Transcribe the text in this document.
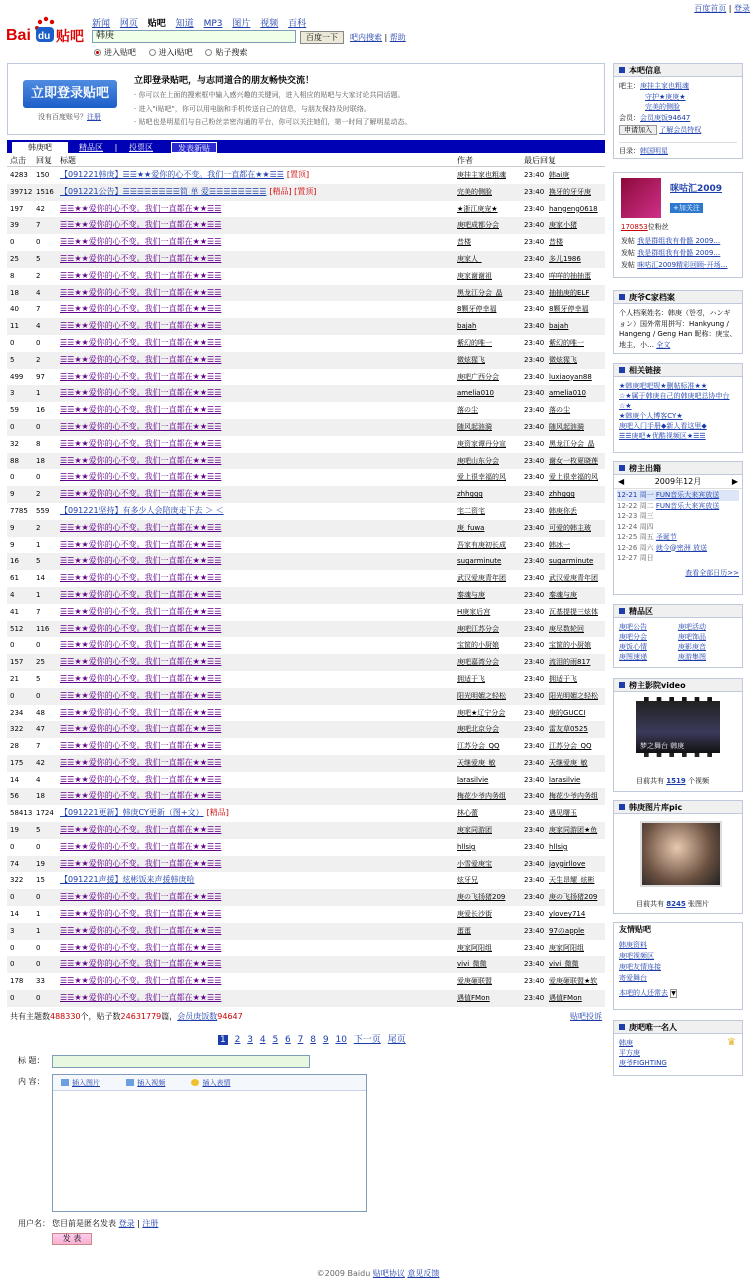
百度首页 | 登录
Bai du 贴吧
新闻 网页 贴吧 知道 MP3 图片 视频 百科
韩庚	百度一下	吧内搜索 | 帮助
进入贴吧	进入i贴吧	贴子搜索
立即登录贴吧
没有百度账号？注册
立即登录贴吧，与志同道合的朋友畅快交流！
· 你可以在上面的搜索框中输入感兴趣的关键词，进入相应的贴吧与大家讨论共同话题。
· 进入"i贴吧"，你可以用电脑和手机传送自己的信息，与朋友保持及时联络。
· 贴吧也是明星们与自己粉丝亲密沟通的平台，你可以关注她们，第一时间了解明星动态。
韩庚吧	精品区	|	投票区	发表新贴
点击	回复	标题	作者	最后回复
4283	150	【091221韩庚】☰☰★★爱你的心不变。我们一直都在★★☰☰ [置顶]	庚挂主家也粗魂	23:40 韩ai庚
39712 1516 【091221公告】☰☰☰☰☰☰☰☰简 单 爱☰☰☰☰☰☰☰☰ [精品] [置顶]	完美的侧脸	23:40 换牙的牙牙庚
197	42	☰☰★★爱你的心不变。我们一直都在★★☰☰	★浙江庚宠★	23:40 hangeng0618
39	7	☰☰★★爱你的心不变。我们一直都在★★☰☰	庚吧成都分会	23:40 庚家小猪
0	0	☰☰★★爱你的心不变。我们一直都在★★☰☰	昔楼	23:40 昔楼
25	5	☰☰★★爱你的心不变。我们一直都在★★☰☰	庚家人_	23:40 多儿1986
8	2	☰☰★★爱你的心不变。我们一直都在★★☰☰	庚家谢谢祖	23:40 咩咩的抽抽蛋
18	4	☰☰★★爱你的心不变。我们一直都在★★☰☰	黑龙江分会_晶	23:40 抽抽庚的ELF
40	7	☰☰★★爱你的心不变。我们一直都在★★☰☰	8颗牙停幸福	23:40 8颗牙停幸福
11	4	☰☰★★爱你的心不变。我们一直都在★★☰☰	bajah	23:40 bajah
0	0	☰☰★★爱你的心不变。我们一直都在★★☰☰	紫幻的唯一	23:40 紫幻的唯一
5	2	☰☰★★爱你的心不变。我们一直都在★★☰☰	微炫猩飞	23:40 微炫猩飞
499	97	☰☰★★爱你的心不变。我们一直都在★★☰☰	庚吧广西分会	23:40 luxiaoyan88
3	1	☰☰★★爱你的心不变。我们一直都在★★☰☰	amelia010	23:40 amelia010
59	16	☰☰★★爱你的心不变。我们一直都在★★☰☰	落の尘	23:40 落の尘
0	0	☰☰★★爱你的心不变。我们一直都在★★☰☰	随风起涟漪	23:40 随风起涟漪
32	8	☰☰★★爱你的心不变。我们一直都在★★☰☰	庚资家谭丹分宣	23:40 黑龙江分会_晶
88	18	☰☰★★爱你的心不变。我们一直都在★★☰☰	庚吧山东分会	23:40 谢女一枚夏晓莲
0	0	☰☰★★爱你的心不变。我们一直都在★★☰☰	爱上很幸福的风	23:40 爱上很幸福的风
9	2	☰☰★★爱你的心不变。我们一直都在★★☰☰	zhhggg	23:40 zhhggg
7785	559	【091221坚持】有多少人会陪庚走下去 ＞ ＜	宅二资宅	23:40 韩庚你丢
9	2	☰☰★★爱你的心不变。我们一直都在★★☰☰	庚_fuwa	23:40 可爱的韩主玻
9	1	☰☰★★爱你的心不变。我们一直都在★★☰☰	吾家有庚初长成	23:40 韩冰一
16	5	☰☰★★爱你的心不变。我们一直都在★★☰☰	sugarminute	23:40 sugarminute
61	14	☰☰★★爱你的心不变。我们一直都在★★☰☰	武汉爱庚青年团	23:40 武汉爱庚青年团
4	1	☰☰★★爱你的心不变。我们一直都在★★☰☰	秦魂与庚	23:40 秦魂与庚
41	7	☰☰★★爱你的心不变。我们一直都在★★☰☰	H庚家后宫	23:40 瓦基提提三炫体
512	116	☰☰★★爱你的心不变。我们一直都在★★☰☰	庚吧江苏分会	23:40 庚尽数轮回
0	0	☰☰★★爱你的心不变。我们一直都在★★☰☰	宝筐的小厨娘	23:40 宝筐的小厨娘
157	25	☰☰★★爱你的心不变。我们一直都在★★☰☰	庚吧嘉湾分会	23:40 流泪的雨817
21	5	☰☰★★爱你的心不变。我们一直都在★★☰☰	拥适于飞	23:40 拥适于飞
0	0	☰☰★★爱你的心不变。我们一直都在★★☰☰	阳光明媚之轻松	23:40 阳光明媚之轻松
234	48	☰☰★★爱你的心不变。我们一直都在★★☰☰	庚吧★辽宁分会	23:40 庚的GUCCI
322	47	☰☰★★爱你的心不变。我们一直都在★★☰☰	庚吧北京分会	23:40 雷友草0525
28	7	☰☰★★爱你的心不变。我们一直都在★★☰☰	江苏分会_QQ	23:40 江苏分会_QQ
175	42	☰☰★★爱你的心不变。我们一直都在★★☰☰	天继爱庚_敏	23:40 天继爱庚_敏
14	4	☰☰★★爱你的心不变。我们一直都在★★☰☰	larasilvie	23:40 larasilvie
56	18	☰☰★★爱你的心不变。我们一直都在★★☰☰	梅花少爷内务组	23:40 梅花少爷内务组
58413 1724 【091221更新】韩庚CY更新（图+文） [精品]	林心蕾	23:40 遇见曙玉
19	5	☰☰★★爱你的心不变。我们一直都在★★☰☰	庚家同游团	23:40 庚家同游团★鱼
0	0	☰☰★★爱你的心不变。我们一直都在★★☰☰	hllsig	23:40 hllsig
74	19	☰☰★★爱你的心不变。我们一直都在★★☰☰	小雪爱庚宝	23:40 jaygirllove
322	15	【091221声援】炫彬饭来声援韩庚哈	炫牙兄	23:40 天生昂耀_炫彬
0	0	☰☰★★爱你的心不变。我们一直都在★★☰☰	庚の飞扬猪209	23:40 庚の飞扬猪209
14	1	☰☰★★爱你的心不变。我们一直都在★★☰☰	庚爱长沙街	23:40 ylovey714
3	1	☰☰★★爱你的心不变。我们一直都在★★☰☰	蛋蛋	23:40 97のapple
0	0	☰☰★★爱你的心不变。我们一直都在★★☰☰	庚家阿阳组	23:40 庚家阿阳组
0	0	☰☰★★爱你的心不变。我们一直都在★★☰☰	vivi_微微	23:40 vivi_微微
178	33	☰☰★★爱你的心不变。我们一直都在★★☰☰	爱庚砸联盟	23:40 爱庚砸联盟★软
0	0	☰☰★★爱你的心不变。我们一直都在★★☰☰	遇值FMon	23:40 遇值FMon
共有主题数488330个，贴子数24631779篇，会员庚饭数94647	贴吧投诉
1 2 3 4 5 6 7 8 9 10 下一页 尾页
标 题：
内 容：	插入图片	插入视频	插入表情
用户名： 您目前是匿名发表 登录 | 注册
发 表
©2009 Baidu 贴吧协议 意见反馈
本吧信息
吧主：庚挂主家也粗魂
守护★庚庚★
完美的侧脸
会员：会员庚饭94647
申请加入 了解会员特权
目录：韩国明星
咪咕汇2009
+加关注
170853位粉丝
发帖 我是群组我有骨骼 2009…
发帖 我是群组我有骨骼 2009…
发帖 咪咕汇2009精彩回顾-开场…
庚爷C家档案
个人档案姓名：韩庚（한경，ハンギョン）国外常用拼写：Hankyung / Hangeng / Geng Han 昵称：庚宝、地主、小… 全文
相关链接
★韩庚吧吧规★删帖标准★★
☆★属于韩庚自己的韩庚吧总协申台☆★
★韩庚个人博客CY★
庚吧入门手册◆新人看这里◆
☰☰庚吧★优酷视频区★☰☰
榜主出籍
◀	2009年12月	▶
12-21 周一 FUN音乐大来宾放送
12-22 周二 FUN音乐大来宾放送
12-23 周三
12-24 周四
12-25 周五 圣诞节
12-26 周六 就今@密洲 放送
12-27 周日
查看全部日历>>
精品区
庚吧公告	庚吧活动
庚吧分会	庚吧饰品
庚饭心情	庚影庚音
庚图速递	庚游集图
榜主影院video
梦之舞台 韩庚
目前共有 1519 个视频
韩庚图片库pic
目前共有 8245 张图片
友情贴吧
韩庚资料
庚吧视频区
庚吧友情连接
寄爱舞台
本吧的人还常去 ▼
庚吧唯一名人
韩庚
平方庚
庚爷FIGHTING
♛
